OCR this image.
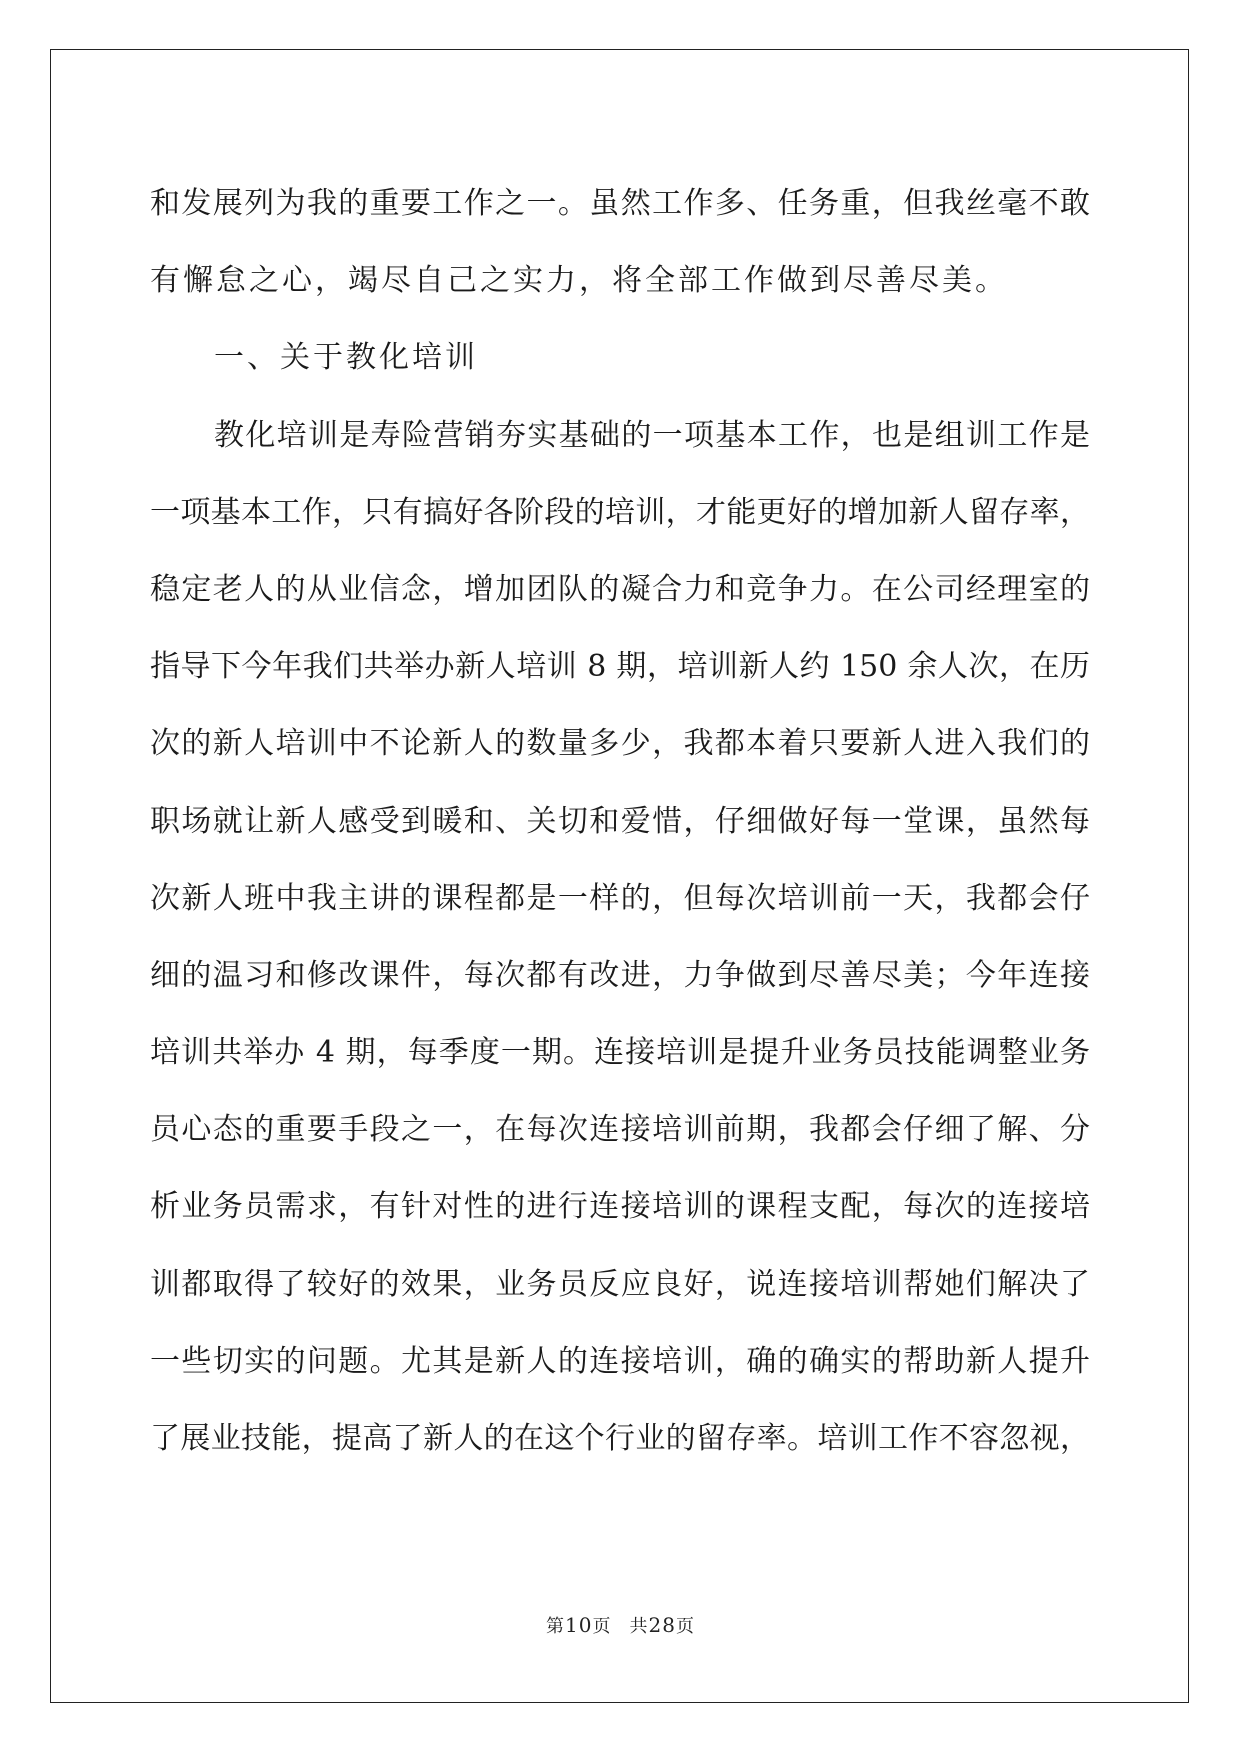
和发展列为我的重要工作之一。虽然工作多、任务重，但我丝毫不敢
有懈怠之心，竭尽自己之实力，将全部工作做到尽善尽美。
一、关于教化培训
教化培训是寿险营销夯实基础的一项基本工作，也是组训工作是
一项基本工作，只有搞好各阶段的培训，才能更好的增加新人留存率，
稳定老人的从业信念，增加团队的凝合力和竞争力。在公司经理室的
指导下今年我们共举办新人培训 8 期，培训新人约 150 余人次，在历
次的新人培训中不论新人的数量多少，我都本着只要新人进入我们的
职场就让新人感受到暖和、关切和爱惜，仔细做好每一堂课，虽然每
次新人班中我主讲的课程都是一样的，但每次培训前一天，我都会仔
细的温习和修改课件，每次都有改进，力争做到尽善尽美；今年连接
培训共举办 4 期，每季度一期。连接培训是提升业务员技能调整业务
员心态的重要手段之一，在每次连接培训前期，我都会仔细了解、分
析业务员需求，有针对性的进行连接培训的课程支配，每次的连接培
训都取得了较好的效果，业务员反应良好，说连接培训帮她们解决了
一些切实的问题。尤其是新人的连接培训，确的确实的帮助新人提升
了展业技能，提高了新人的在这个行业的留存率。培训工作不容忽视，
第10页 共28页
